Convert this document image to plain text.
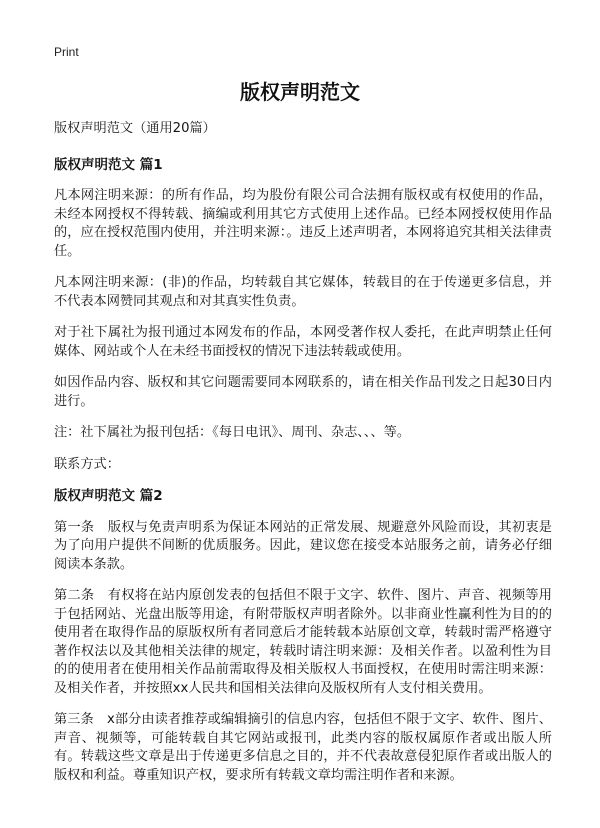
Print
版权声明范文

版权声明范文（通用20篇）

版权声明范文 篇1

凡本网注明来源：的所有作品，均为股份有限公司合法拥有版权或有权使用的作品，未经本网授权不得转载、摘编或利用其它方式使用上述作品。已经本网授权使用作品的，应在授权范围内使用，并注明来源：。违反上述声明者，本网将追究其相关法律责任。

凡本网注明来源：(非)的作品，均转载自其它媒体，转载目的在于传递更多信息，并不代表本网赞同其观点和对其真实性负责。

对于社下属社为报刊通过本网发布的作品，本网受著作权人委托，在此声明禁止任何媒体、网站或个人在未经书面授权的情况下违法转载或使用。

如因作品内容、版权和其它问题需要同本网联系的，请在相关作品刊发之日起30日内进行。

注：社下属社为报刊包括：《每日电讯》、周刊、杂志、、、等。

联系方式：

版权声明范文 篇2

第一条　版权与免责声明系为保证本网站的正常发展、规避意外风险而设，其初衷是为了向用户提供不间断的优质服务。因此，建议您在接受本站服务之前，请务必仔细阅读本条款。

第二条　有权将在站内原创发表的包括但不限于文字、软件、图片、声音、视频等用于包括网站、光盘出版等用途，有附带版权声明者除外。以非商业性赢利性为目的的使用者在取得作品的原版权所有者同意后才能转载本站原创文章，转载时需严格遵守著作权法以及其他相关法律的规定，转载时请注明来源：及相关作者。以盈利性为目的的使用者在使用相关作品前需取得及相关版权人书面授权，在使用时需注明来源：及相关作者，并按照xx人民共和国相关法律向及版权所有人支付相关费用。

第三条　x部分由读者推荐或编辑摘引的信息内容，包括但不限于文字、软件、图片、声音、视频等，可能转载自其它网站或报刊，此类内容的版权属原作者或出版人所有。转载这些文章是出于传递更多信息之目的，并不代表故意侵犯原作者或出版人的版权和利益。尊重知识产权，要求所有转载文章均需注明作者和来源。
